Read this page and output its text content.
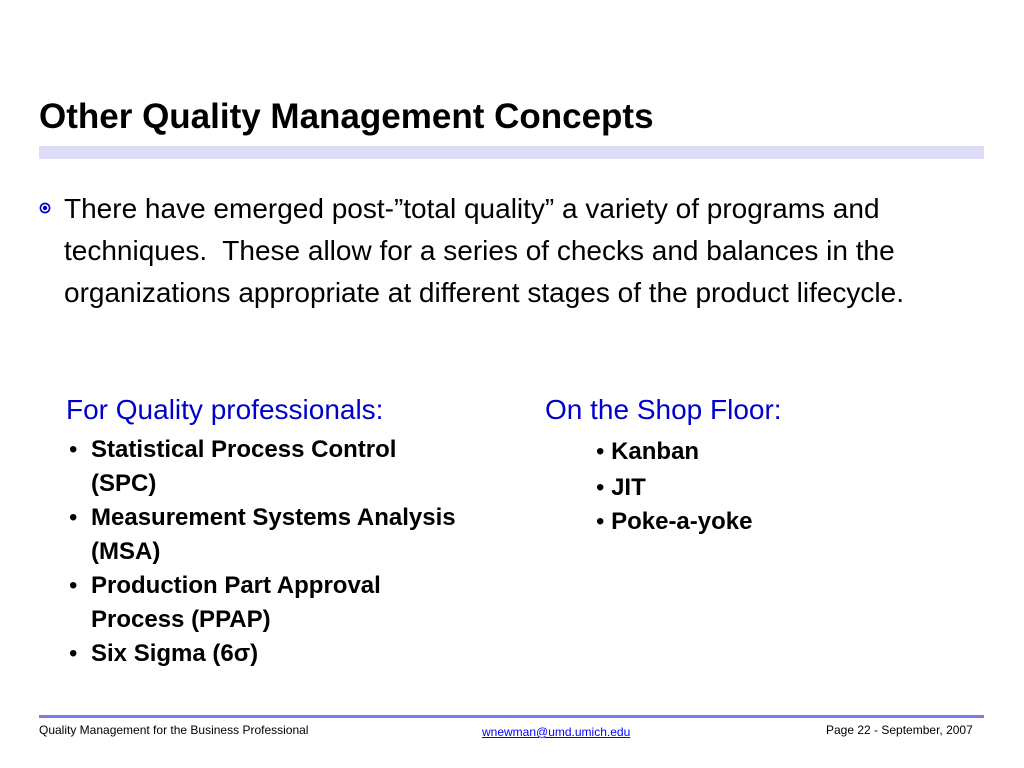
Other Quality Management Concepts
There have emerged post-”total quality” a variety of programs and techniques.  These allow for a series of checks and balances in the organizations appropriate at different stages of the product lifecycle.
For Quality professionals:
• Statistical Process Control (SPC)
• Measurement Systems Analysis (MSA)
• Production Part Approval Process (PPAP)
• Six Sigma (6σ)
On the Shop Floor:
• Kanban
• JIT
• Poke-a-yoke
Quality Management for the Business Professional	wnewman@umd.umich.edu	Page 22 - September, 2007
